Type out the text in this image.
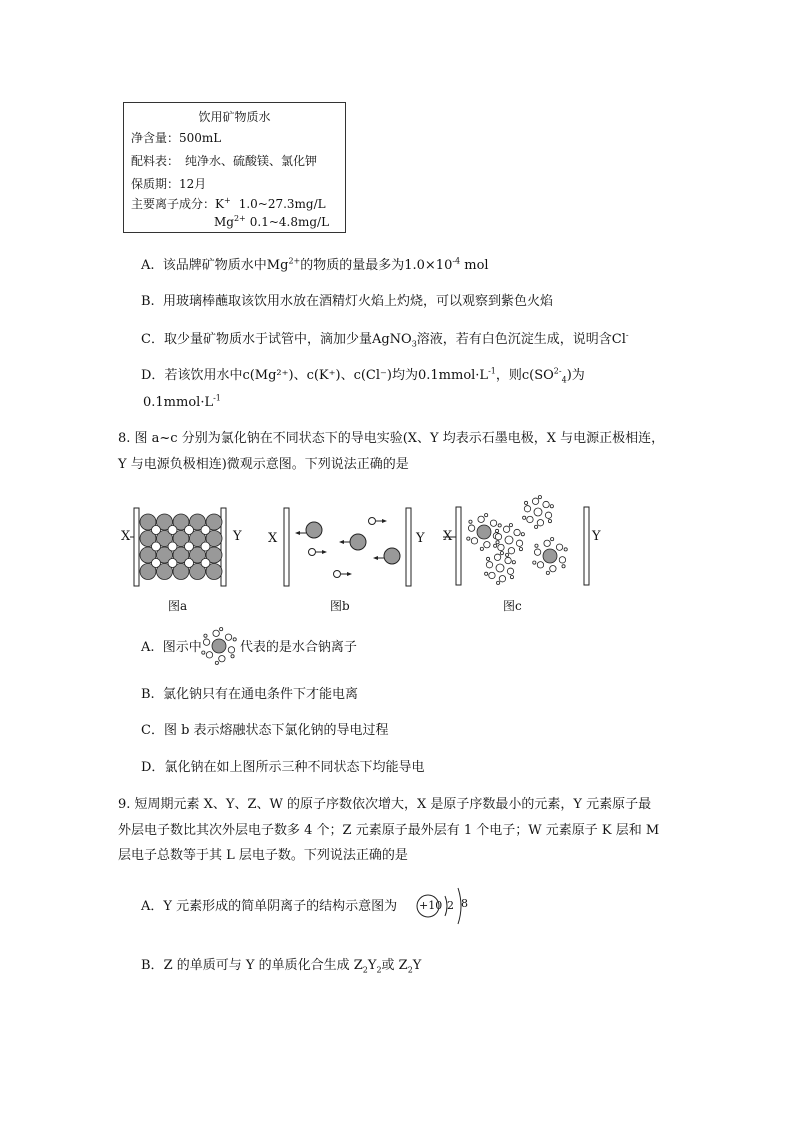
饮用矿物质水
净含量：500mL
配料表： 纯净水、硫酸镁、氯化钾
保质期：12月
主要离子成分：K+ 1.0~27.3mg/L
$Mg^{2+}$ 0.1~4.8mg/L
A. 该品牌矿物质水中$Mg^{2+}$的物质的量最多为$1.0\times 10^{-4}$ mol
B. 用玻璃棒蘸取该饮用水放在酒精灯火焰上灼烧，可以观察到紫色火焰
C．取少量矿物质水于试管中，滴加少量AgNO$_3$溶液，若有白色沉淀生成，说明含Cl-
D．若该饮用水中c(Mg²⁺)、c(K⁺)、c(Cl⁻)均为$0.1mmol\cdot L^{-1}$，则$c(SO^{2-}_4)$为
$0.1mmol\cdot L^{-1}$
8. 图 a~c 分别为氯化钠在不同状态下的导电实验(X、Y 均表示石墨电极，X 与电源正极相连，
Y 与电源负极相连)微观示意图。下列说法正确的是
X	Y
图a
X	Y
图b
X	Y
图c
A. 图示中	代表的是水合钠离子
B. 氯化钠只有在通电条件下才能电离
C．图 b 表示熔融状态下氯化钠的导电过程
D．氯化钠在如上图所示三种不同状态下均能导电
9. 短周期元素 X、Y、Z、W 的原子序数依次增大，X 是原子序数最小的元素，Y 元素原子最
外层电子数比其次外层电子数多 4 个；Z 元素原子最外层有 1 个电子；W 元素原子 K 层和 M
层电子总数等于其 L 层电子数。下列说法正确的是
A．Y 元素形成的简单阴离子的结构示意图为 +10 2 8
B．Z 的单质可与 Y 的单质化合生成 $Z_2Y_2$或 $Z_2Y$
